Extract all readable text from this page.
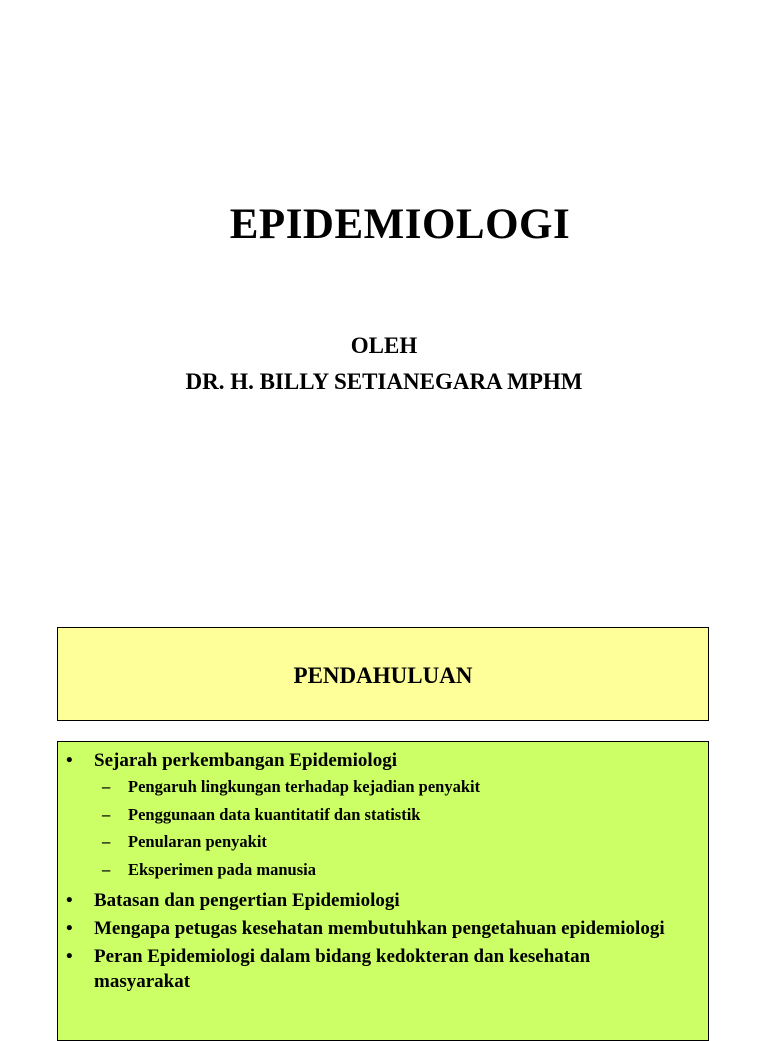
EPIDEMIOLOGI
OLEH
DR. H. BILLY SETIANEGARA MPHM
PENDAHULUAN
•	Sejarah perkembangan Epidemiologi
– Pengaruh lingkungan terhadap kejadian penyakit
– Penggunaan data kuantitatif dan statistik
– Penularan penyakit
– Eksperimen pada manusia
•	Batasan dan pengertian Epidemiologi
•	Mengapa petugas kesehatan membutuhkan pengetahuan epidemiologi
•	Peran Epidemiologi dalam bidang kedokteran dan kesehatan masyarakat
